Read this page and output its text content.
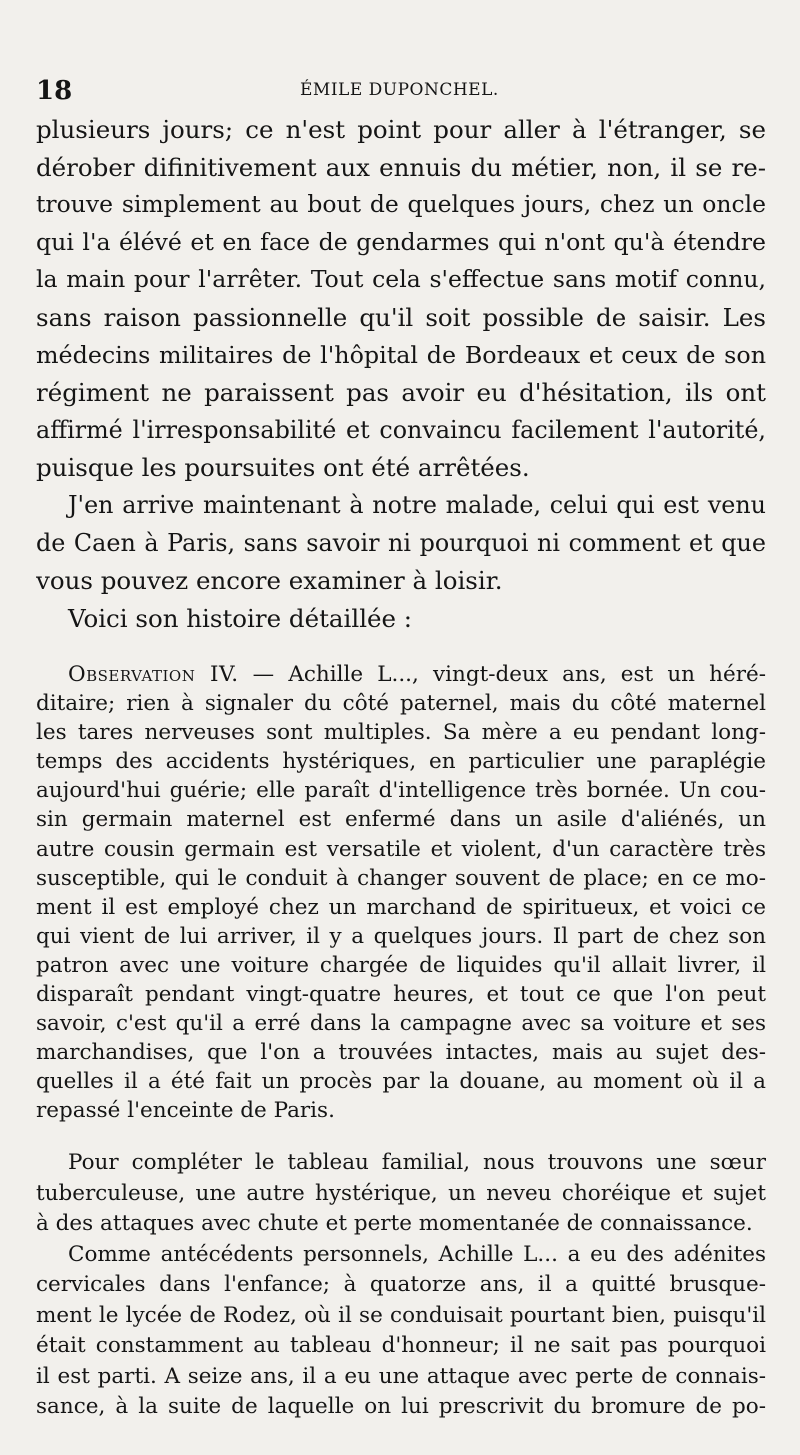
18	ÉMILE DUPONCHEL.
plusieurs jours; ce n'est point pour aller à l'étranger, se
dérober difinitivement aux ennuis du métier, non, il se re-
trouve simplement au bout de quelques jours, chez un oncle
qui l'a élévé et en face de gendarmes qui n'ont qu'à étendre
la main pour l'arrêter. Tout cela s'effectue sans motif connu,
sans raison passionnelle qu'il soit possible de saisir. Les
médecins militaires de l'hôpital de Bordeaux et ceux de son
régiment ne paraissent pas avoir eu d'hésitation, ils ont
affirmé l'irresponsabilité et convaincu facilement l'autorité,
puisque les poursuites ont été arrêtées.
J'en arrive maintenant à notre malade, celui qui est venu
de Caen à Paris, sans savoir ni pourquoi ni comment et que
vous pouvez encore examiner à loisir.
Voici son histoire détaillée :
Observation IV. — Achille L..., vingt-deux ans, est un héré-
ditaire; rien à signaler du côté paternel, mais du côté maternel
les tares nerveuses sont multiples. Sa mère a eu pendant long-
temps des accidents hystériques, en particulier une paraplégie
aujourd'hui guérie; elle paraît d'intelligence très bornée. Un cou-
sin germain maternel est enfermé dans un asile d'aliénés, un
autre cousin germain est versatile et violent, d'un caractère très
susceptible, qui le conduit à changer souvent de place; en ce mo-
ment il est employé chez un marchand de spiritueux, et voici ce
qui vient de lui arriver, il y a quelques jours. Il part de chez son
patron avec une voiture chargée de liquides qu'il allait livrer, il
disparaît pendant vingt-quatre heures, et tout ce que l'on peut
savoir, c'est qu'il a erré dans la campagne avec sa voiture et ses
marchandises, que l'on a trouvées intactes, mais au sujet des-
quelles il a été fait un procès par la douane, au moment où il a
repassé l'enceinte de Paris.
Pour compléter le tableau familial, nous trouvons une sœur
tuberculeuse, une autre hystérique, un neveu choréique et sujet
à des attaques avec chute et perte momentanée de connaissance.
Comme antécédents personnels, Achille L... a eu des adénites
cervicales dans l'enfance; à quatorze ans, il a quitté brusque-
ment le lycée de Rodez, où il se conduisait pourtant bien, puisqu'il
était constamment au tableau d'honneur; il ne sait pas pourquoi
il est parti. A seize ans, il a eu une attaque avec perte de connais-
sance, à la suite de laquelle on lui prescrivit du bromure de po-
